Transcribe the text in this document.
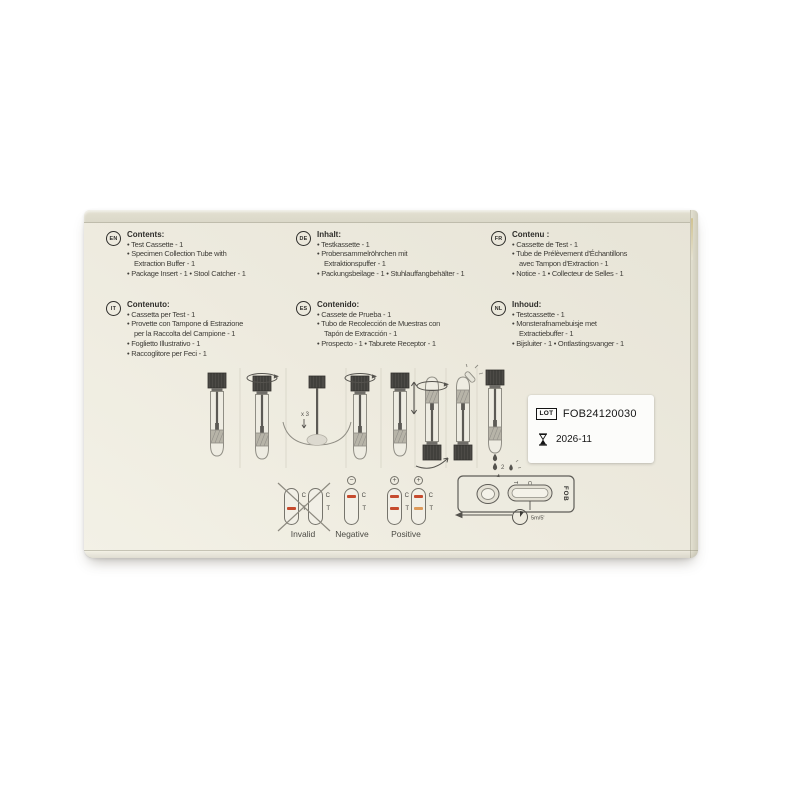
EN	Contents:
• Test Cassette - 1
• Specimen Collection Tube with
Extraction Buffer - 1
• Package Insert - 1 • Stool Catcher - 1
DE	Inhalt:
• Testkassette - 1
• Probensammelröhrchen mit
Extraktionspuffer - 1
• Packungsbeilage - 1 • Stuhlauffangbehälter - 1
FR	Contenu :
• Cassette de Test - 1
• Tube de Prélèvement d'Échantillons
avec Tampon d'Extraction - 1
• Notice - 1 • Collecteur de Selles - 1
IT	Contenuto:
• Cassetta per Test - 1
• Provette con Tampone di Estrazione
per la Raccolta del Campione - 1
• Foglietto Illustrativo - 1
• Raccoglitore per Feci - 1
ES	Contenido:
• Cassete de Prueba - 1
• Tubo de Recolección de Muestras con
Tapón de Extracción - 1
• Prospecto - 1 • Taburete Receptor - 1
NL	Inhoud:
• Testcassette - 1
• Monsterafnamebuisje met
Extractiebuffer - 1
• Bijsluiter - 1 • Ontlastingsvanger - 1
x 3
2
LOT FOB24120030
2026-11
C
T
C
T
Invalid
−
C
T
Negative
+	+
C
T
C
T
Positive
T C
FOB
5m/5'
